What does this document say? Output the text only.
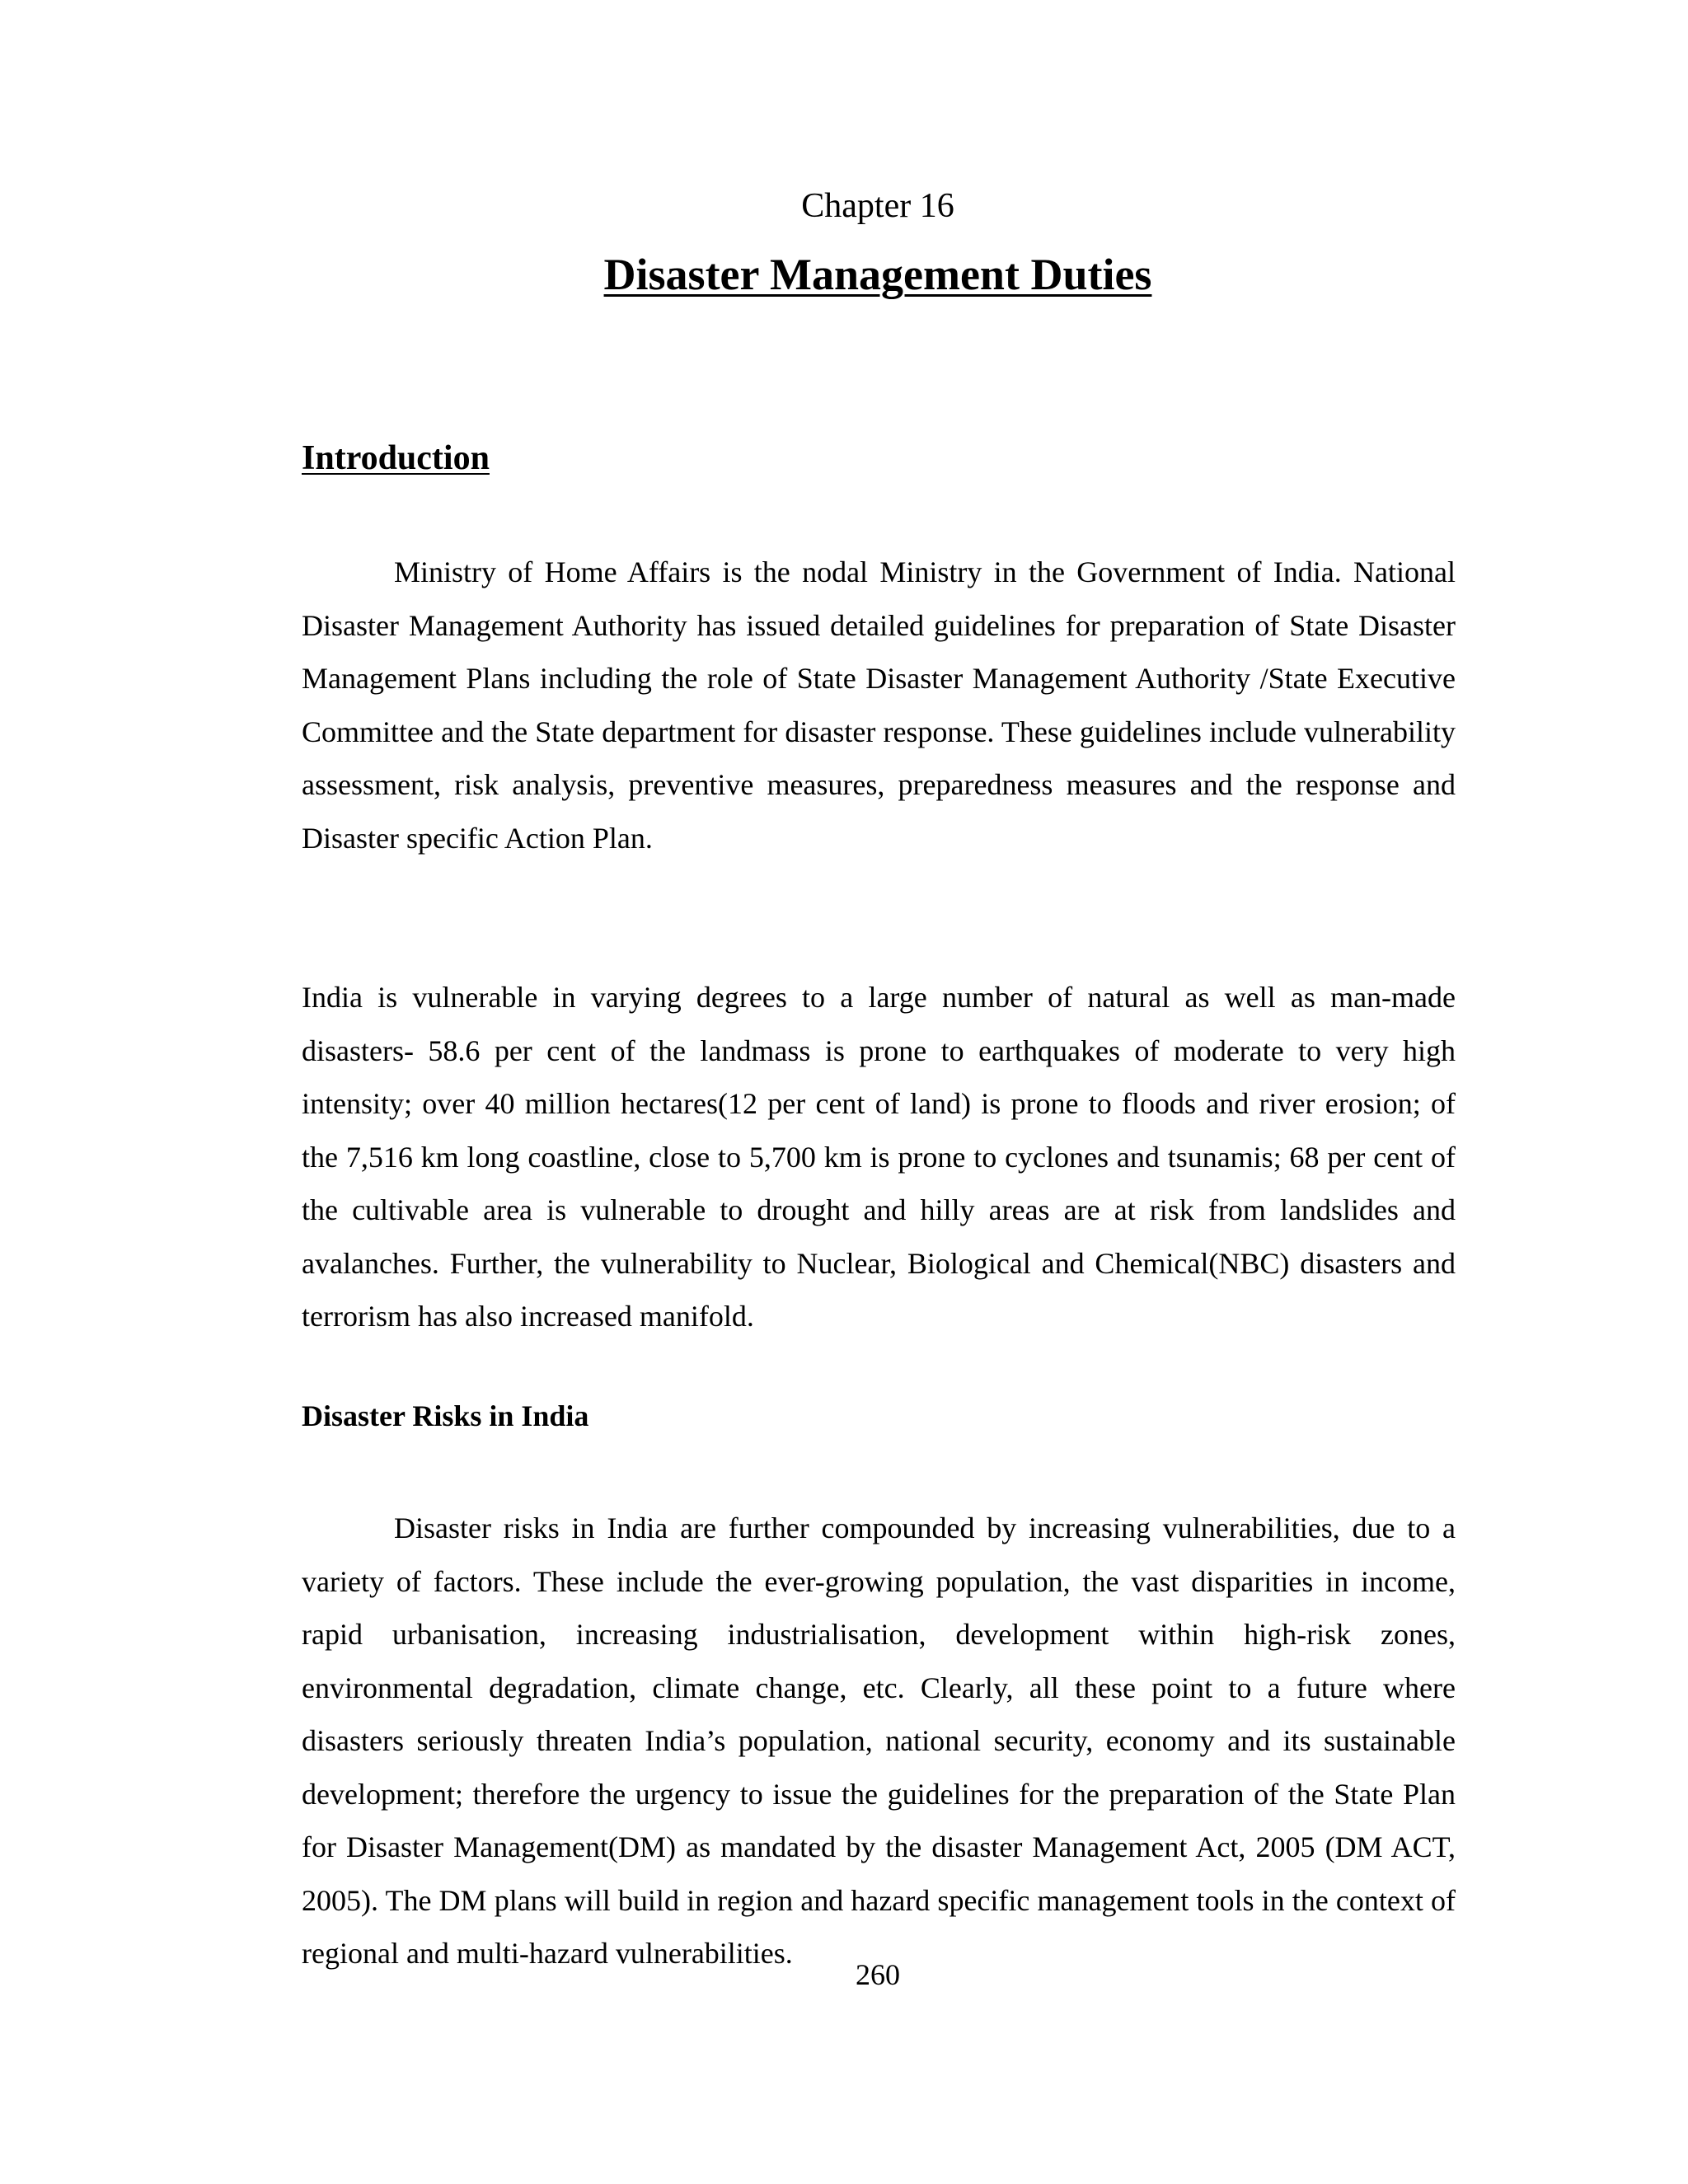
Chapter 16
Disaster Management Duties
Introduction

Ministry of Home Affairs is the nodal Ministry in the Government of India. National Disaster Management Authority has issued detailed guidelines for preparation of State Disaster Management Plans including the role of State Disaster Management Authority /State Executive Committee and the State department for disaster response. These guidelines include vulnerability assessment, risk analysis, preventive measures, preparedness measures and the response and Disaster specific Action Plan.

India is vulnerable in varying degrees to a large number of natural as well as man-made disasters- 58.6 per cent of the landmass is prone to earthquakes of moderate to very high intensity; over 40 million hectares(12 per cent of land) is prone to floods and river erosion; of the 7,516 km long coastline, close to 5,700 km is prone to cyclones and tsunamis; 68 per cent of the cultivable area is vulnerable to drought and hilly areas are at risk from landslides and avalanches. Further, the vulnerability to Nuclear, Biological and Chemical(NBC) disasters and terrorism has also increased manifold.

Disaster Risks in India

Disaster risks in India are further compounded by increasing vulnerabilities, due to a variety of factors. These include the ever-growing population, the vast disparities in income, rapid urbanisation, increasing industrialisation, development within high-risk zones, environmental degradation, climate change, etc. Clearly, all these point to a future where disasters seriously threaten India’s population, national security, economy and its sustainable development; therefore the urgency to issue the guidelines for the preparation of the State Plan for Disaster Management(DM) as mandated by the disaster Management Act, 2005 (DM ACT, 2005). The DM plans will build in region and hazard specific management tools in the context of regional and multi-hazard vulnerabilities.

260
